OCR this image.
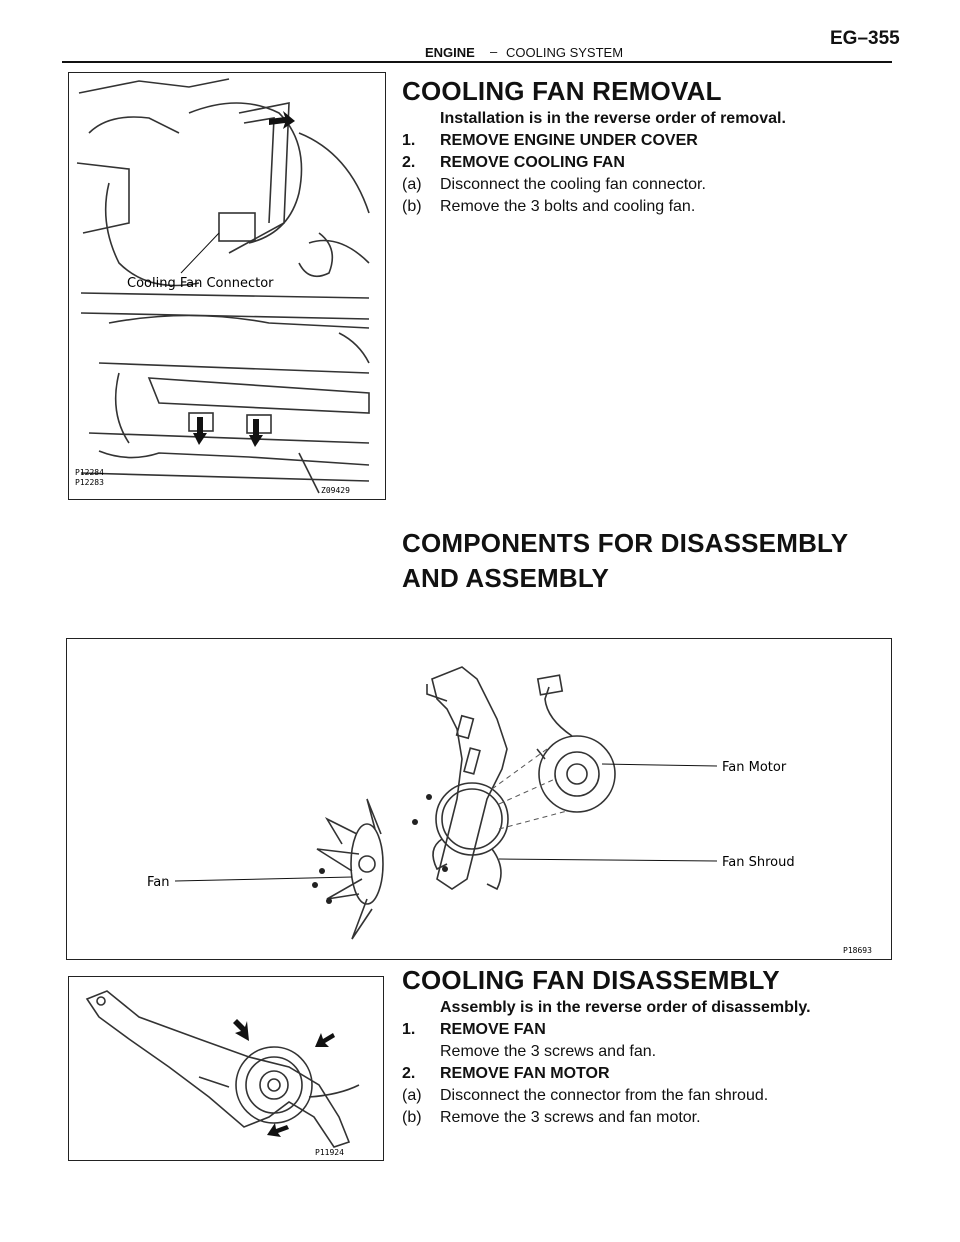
ENGINE – COOLING SYSTEM
EG–355
Cooling Fan Connector
P12284
P12283
Z09429
COOLING FAN REMOVAL
Installation is in the reverse order of removal.
1. REMOVE ENGINE UNDER COVER
2. REMOVE COOLING FAN
(a) Disconnect the cooling fan connector.
(b) Remove the 3 bolts and cooling fan.
COMPONENTS FOR DISASSEMBLY AND ASSEMBLY
Fan Motor
Fan Shroud
Fan
P18693
P11924
COOLING FAN DISASSEMBLY
Assembly is in the reverse order of disassembly.
1. REMOVE FAN
Remove the 3 screws and fan.
2. REMOVE FAN MOTOR
(a) Disconnect the connector from the fan shroud.
(b) Remove the 3 screws and fan motor.
